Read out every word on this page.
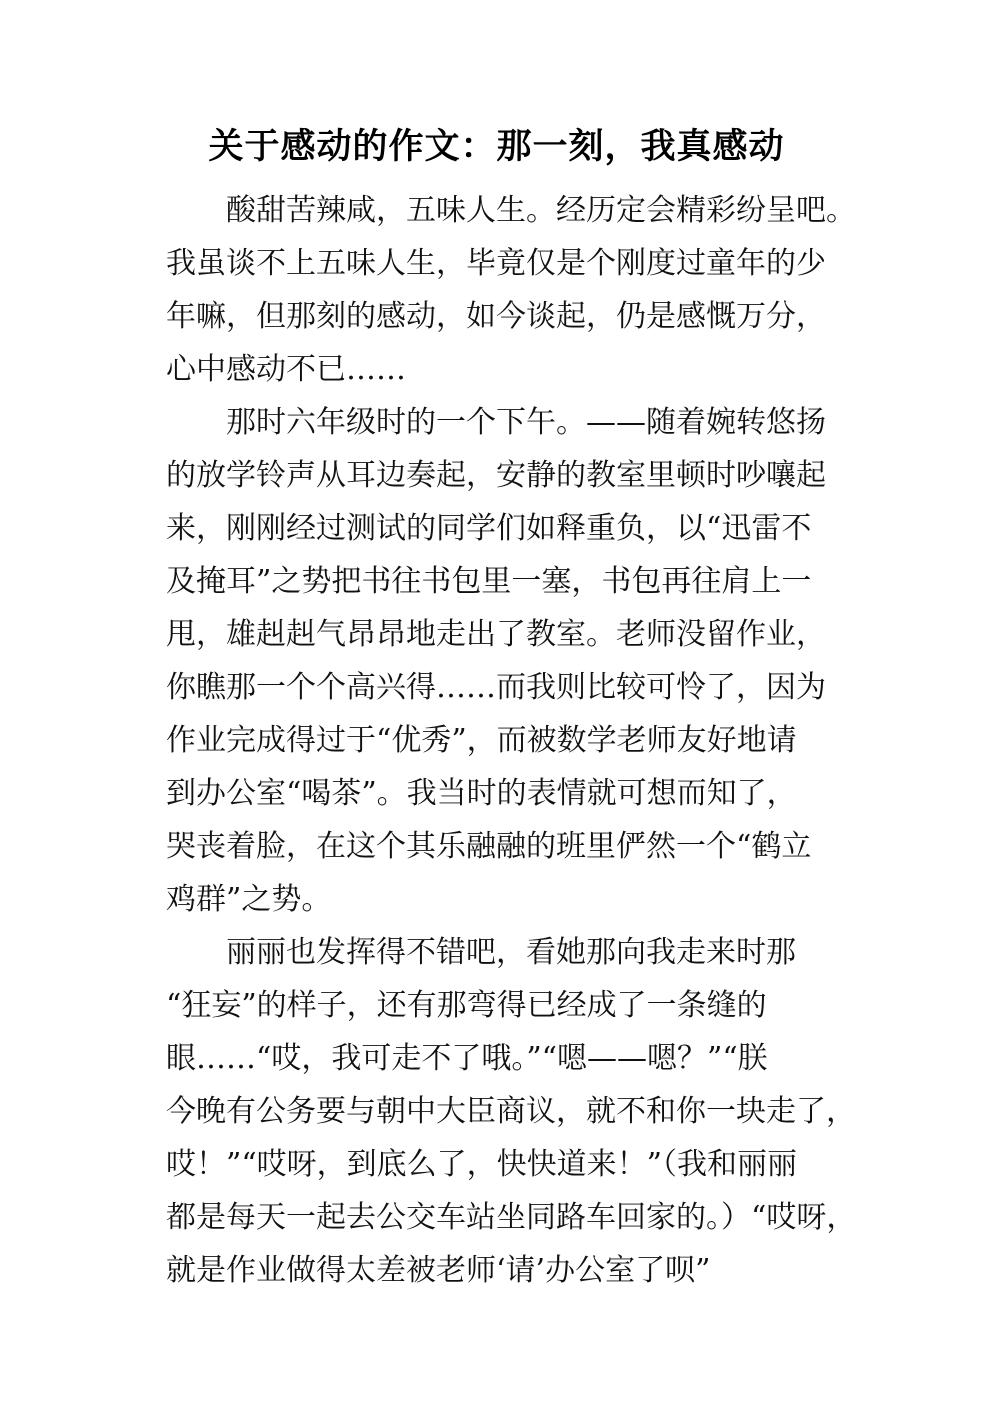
关于感动的作文：那一刻，我真感动
　　酸甜苦辣咸，五味人生。经历定会精彩纷呈吧。
我虽谈不上五味人生，毕竟仅是个刚度过童年的少
年嘛，但那刻的感动，如今谈起，仍是感慨万分，
心中感动不已……
　　那时六年级时的一个下午。——随着婉转悠扬
的放学铃声从耳边奏起，安静的教室里顿时吵嚷起
来，刚刚经过测试的同学们如释重负，以“迅雷不
及掩耳”之势把书往书包里一塞，书包再往肩上一
甩，雄赳赳气昂昂地走出了教室。老师没留作业，
你瞧那一个个高兴得……而我则比较可怜了，因为
作业完成得过于“优秀”，而被数学老师友好地请
到办公室“喝茶”。我当时的表情就可想而知了，
哭丧着脸，在这个其乐融融的班里俨然一个“鹤立
鸡群”之势。
　　丽丽也发挥得不错吧，看她那向我走来时那
“狂妄”的样子，还有那弯得已经成了一条缝的
眼……“哎，我可走不了哦。”“嗯——嗯？”“朕
今晚有公务要与朝中大臣商议，就不和你一块走了，
哎！”“哎呀，到底么了，快快道来！”（我和丽丽
都是每天一起去公交车站坐同路车回家的。）“哎呀，
就是作业做得太差被老师‘请’办公室了呗”
